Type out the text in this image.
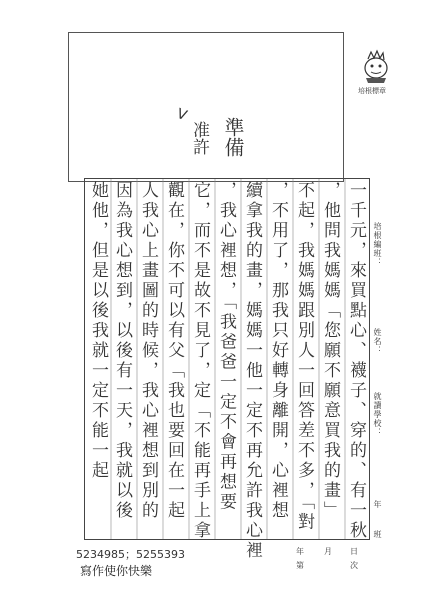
培根標章
V
準備
准許
一千元，來買點心、襪子、穿的、有一秋
，他問我媽媽「您願不願意買我的畫」
不起，我媽媽跟別人一回答差不多，「對
，不用了，那我只好轉身離開，心裡想
續拿我的畫，媽媽一他一定不再允許我心裡
，我心裡想，「我爸爸一定不會再想要
它，而不是故不見了，定「不能再手上拿
觀在，你不可以有父「我也要回在一起
人我心上畫圖的時候，我心裡想到別的
因為我心想到，以後有一天，我就以後
她他，但是以後我就一定不能一起	培根編班：
姓名：
就讀學校：
年
班
5234985；5255393
寫作使你快樂
年	月 日
第	次
